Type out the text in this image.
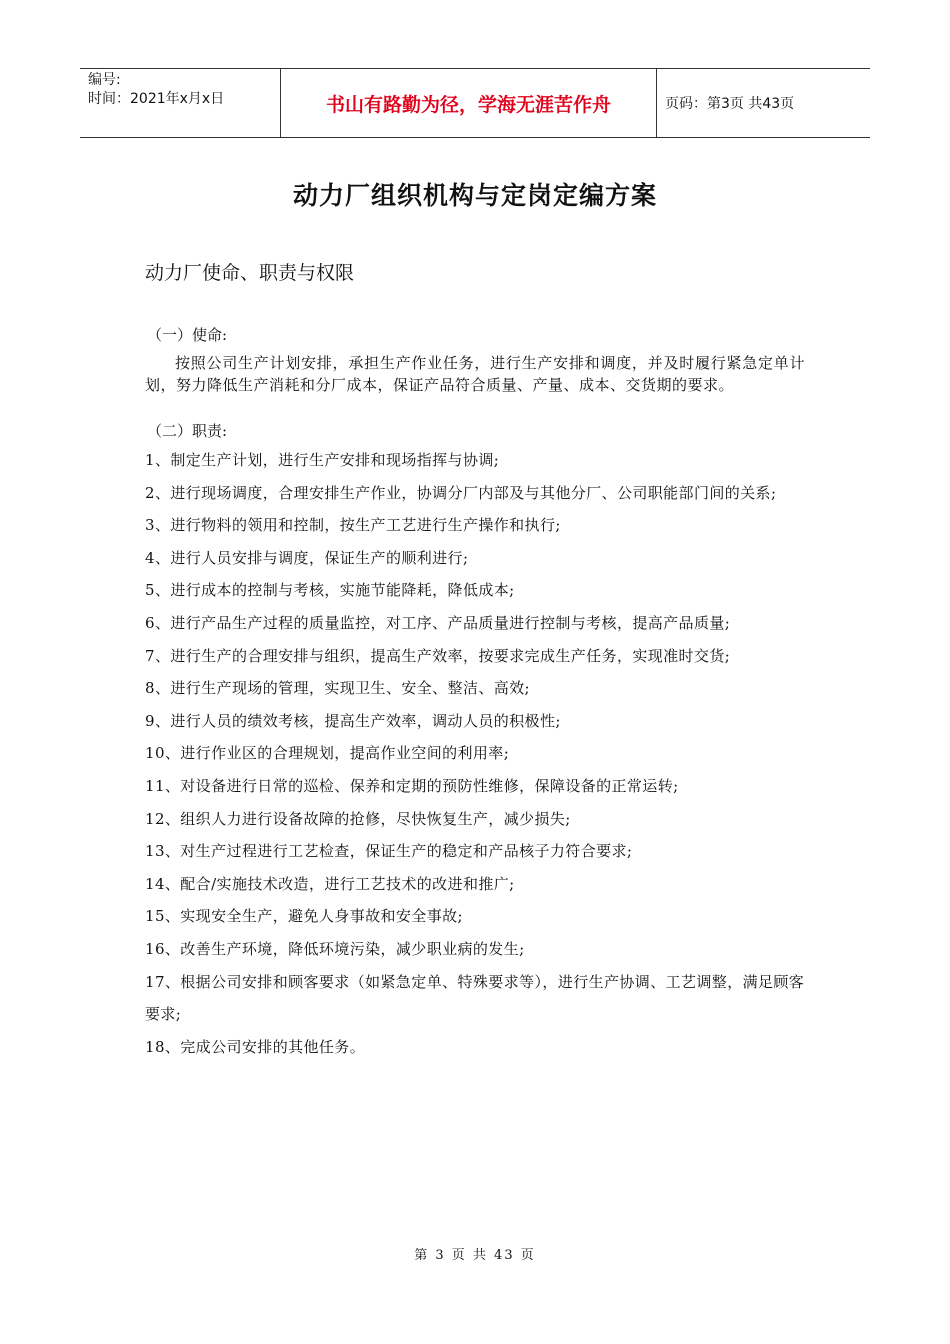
编号:
时间：2021年x月x日	书山有路勤为径，学海无涯苦作舟	页码：第3页 共43页
动力厂组织机构与定岗定编方案
动力厂使命、职责与权限

（一）使命:

按照公司生产计划安排，承担生产作业任务，进行生产安排和调度，并及时履行紧急定单计划，努力降低生产消耗和分厂成本，保证产品符合质量、产量、成本、交货期的要求。

（二）职责:

1、制定生产计划，进行生产安排和现场指挥与协调;
2、进行现场调度，合理安排生产作业，协调分厂内部及与其他分厂、公司职能部门间的关系;
3、进行物料的领用和控制，按生产工艺进行生产操作和执行;
4、进行人员安排与调度，保证生产的顺利进行;
5、进行成本的控制与考核，实施节能降耗，降低成本;
6、进行产品生产过程的质量监控，对工序、产品质量进行控制与考核，提高产品质量;
7、进行生产的合理安排与组织，提高生产效率，按要求完成生产任务，实现准时交货;
8、进行生产现场的管理，实现卫生、安全、整洁、高效;
9、进行人员的绩效考核，提高生产效率，调动人员的积极性;
10、进行作业区的合理规划，提高作业空间的利用率;
11、对设备进行日常的巡检、保养和定期的预防性维修，保障设备的正常运转;
12、组织人力进行设备故障的抢修，尽快恢复生产，减少损失;
13、对生产过程进行工艺检查，保证生产的稳定和产品核子力符合要求;
14、配合/实施技术改造，进行工艺技术的改进和推广;
15、实现安全生产，避免人身事故和安全事故;
16、改善生产环境，降低环境污染，减少职业病的发生;
17、根据公司安排和顾客要求（如紧急定单、特殊要求等），进行生产协调、工艺调整，满足顾客要求;
18、完成公司安排的其他任务。
第 3 页 共 43 页
